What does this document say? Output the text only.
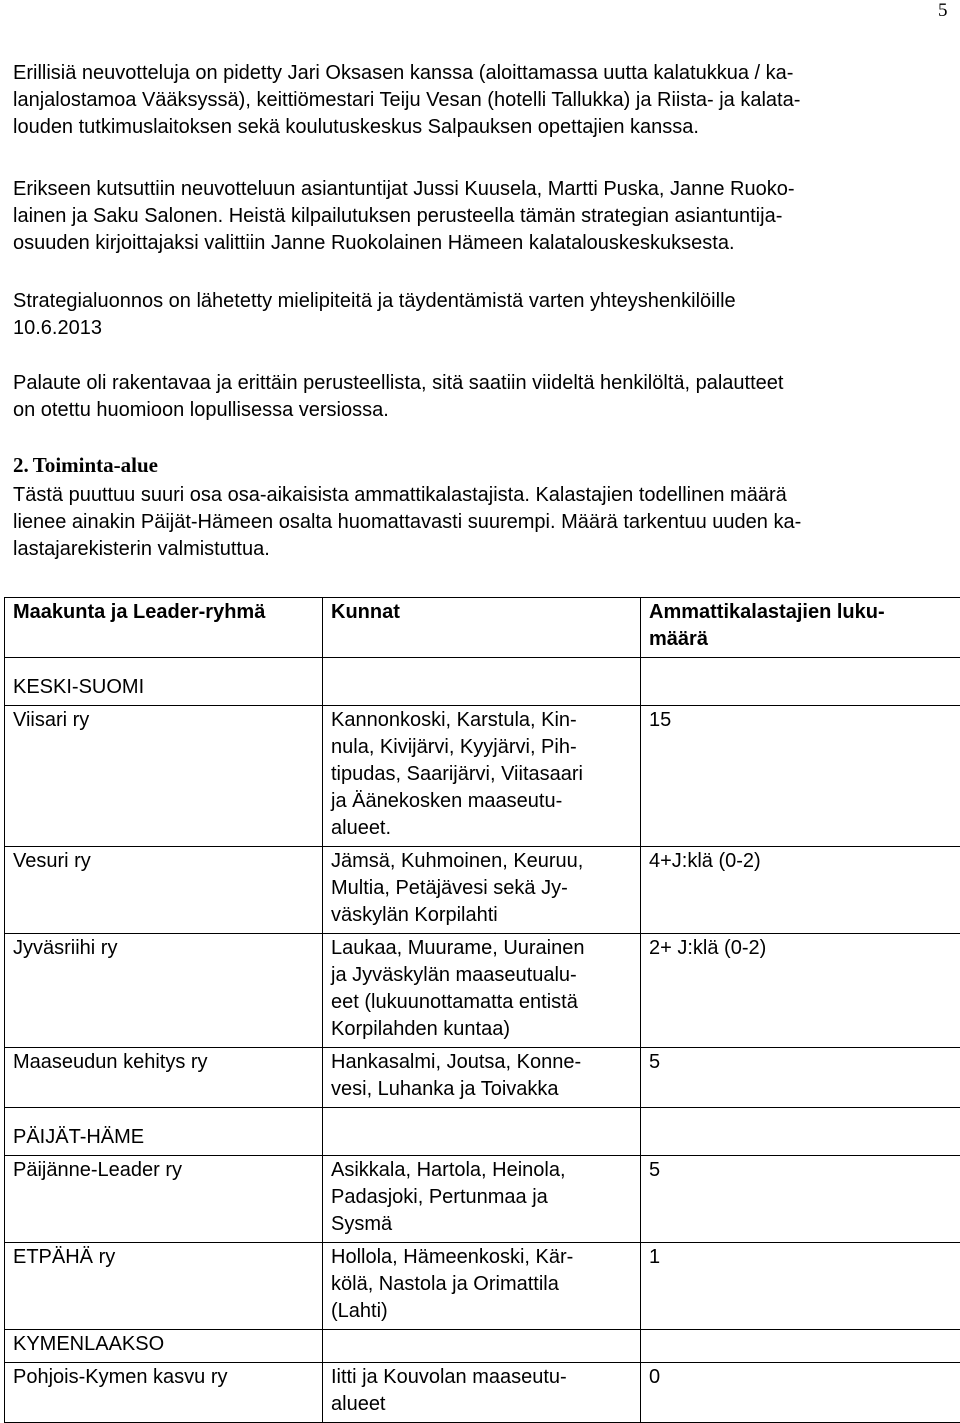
5
Erillisiä neuvotteluja on pidetty Jari Oksasen kanssa (aloittamassa uutta kalatukkua / ka-
lanjalostamoa Vääksyssä), keittiömestari Teiju Vesan (hotelli Tallukka) ja Riista- ja kalata-
louden tutkimuslaitoksen sekä koulutuskeskus Salpauksen opettajien kanssa.
Erikseen kutsuttiin neuvotteluun asiantuntijat Jussi Kuusela, Martti Puska, Janne Ruoko-
lainen ja Saku Salonen. Heistä kilpailutuksen perusteella tämän strategian asiantuntija-
osuuden kirjoittajaksi valittiin Janne Ruokolainen Hämeen kalatalouskeskuksesta.
Strategialuonnos on lähetetty mielipiteitä ja täydentämistä varten yhteyshenkilöille
10.6.2013
Palaute oli rakentavaa ja erittäin perusteellista, sitä saatiin viideltä henkilöltä, palautteet
on otettu huomioon lopullisessa versiossa.
2. Toiminta-alue
Tästä puuttuu suuri osa osa-aikaisista ammattikalastajista. Kalastajien todellinen määrä
lienee ainakin Päijät-Hämeen osalta huomattavasti suurempi. Määrä tarkentuu uuden ka-
lastajarekisterin valmistuttua.
Maakunta ja Leader-ryhmä	Kunnat	Ammattikalastajien luku-
määrä
KESKI-SUOMI		
Viisari ry	Kannonkoski, Karstula, Kin-
nula, Kivijärvi, Kyyjärvi, Pih-
tipudas, Saarijärvi, Viitasaari
ja Äänekosken maaseutu-
alueet.	15
Vesuri ry	Jämsä, Kuhmoinen, Keuruu,
Multia, Petäjävesi sekä Jy-
väskylän Korpilahti	4+J:klä (0-2)
Jyväsriihi ry	Laukaa, Muurame, Uurainen
ja Jyväskylän maaseutualu-
eet (lukuunottamatta entistä
Korpilahden kuntaa)	2+ J:klä (0-2)
Maaseudun kehitys ry	Hankasalmi, Joutsa, Konne-
vesi, Luhanka ja Toivakka	5
PÄIJÄT-HÄME		
Päijänne-Leader ry	Asikkala, Hartola, Heinola,
Padasjoki, Pertunmaa ja
Sysmä	5
ETPÄHÄ ry	Hollola, Hämeenkoski, Kär-
kölä, Nastola ja Orimattila
(Lahti)	1
KYMENLAAKSO		
Pohjois-Kymen kasvu ry	Iitti ja Kouvolan maaseutu-
alueet	0
